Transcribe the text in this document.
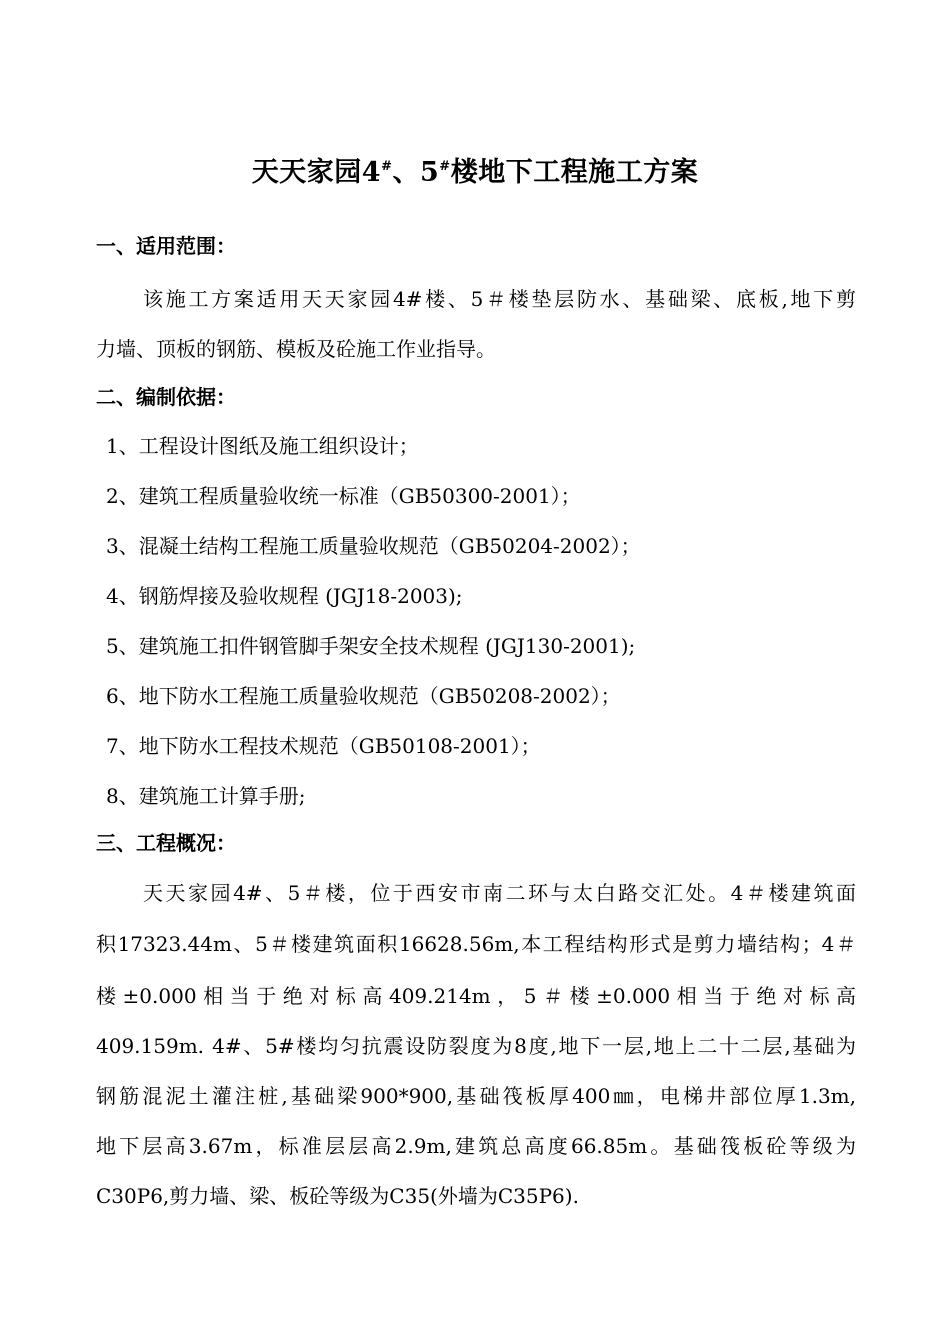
天天家园4#、5#楼地下工程施工方案
一、适用范围：
该施工方案适用天天家园4#楼、5＃楼垫层防水、基础梁、底板,地下剪
力墙、顶板的钢筋、模板及砼施工作业指导。
二、编制依据：
1、工程设计图纸及施工组织设计；
2、建筑工程质量验收统一标准（GB50300-2001）；
3、混凝土结构工程施工质量验收规范（GB50204-2002）；
4、钢筋焊接及验收规程 (JGJ18-2003);
5、建筑施工扣件钢管脚手架安全技术规程 (JGJ130-2001);
6、地下防水工程施工质量验收规范（GB50208-2002）；
7、地下防水工程技术规范（GB50108-2001）；
8、建筑施工计算手册;
三、工程概况：
天天家园4#、5＃楼，位于西安市南二环与太白路交汇处。4＃楼建筑面
积17323.44m、5＃楼建筑面积16628.56m,本工程结构形式是剪力墙结构；4＃
楼±0.000相当于绝对标高409.214m，5＃楼±0.000相当于绝对标高
409.159m. 4#、5#楼均匀抗震设防裂度为8度,地下一层,地上二十二层,基础为
钢筋混泥土灌注桩,基础梁900*900,基础筏板厚400㎜，电梯井部位厚1.3m,
地下层高3.67m，标准层层高2.9m,建筑总高度66.85m。基础筏板砼等级为
C30P6,剪力墙、梁、板砼等级为C35(外墙为C35P6).
